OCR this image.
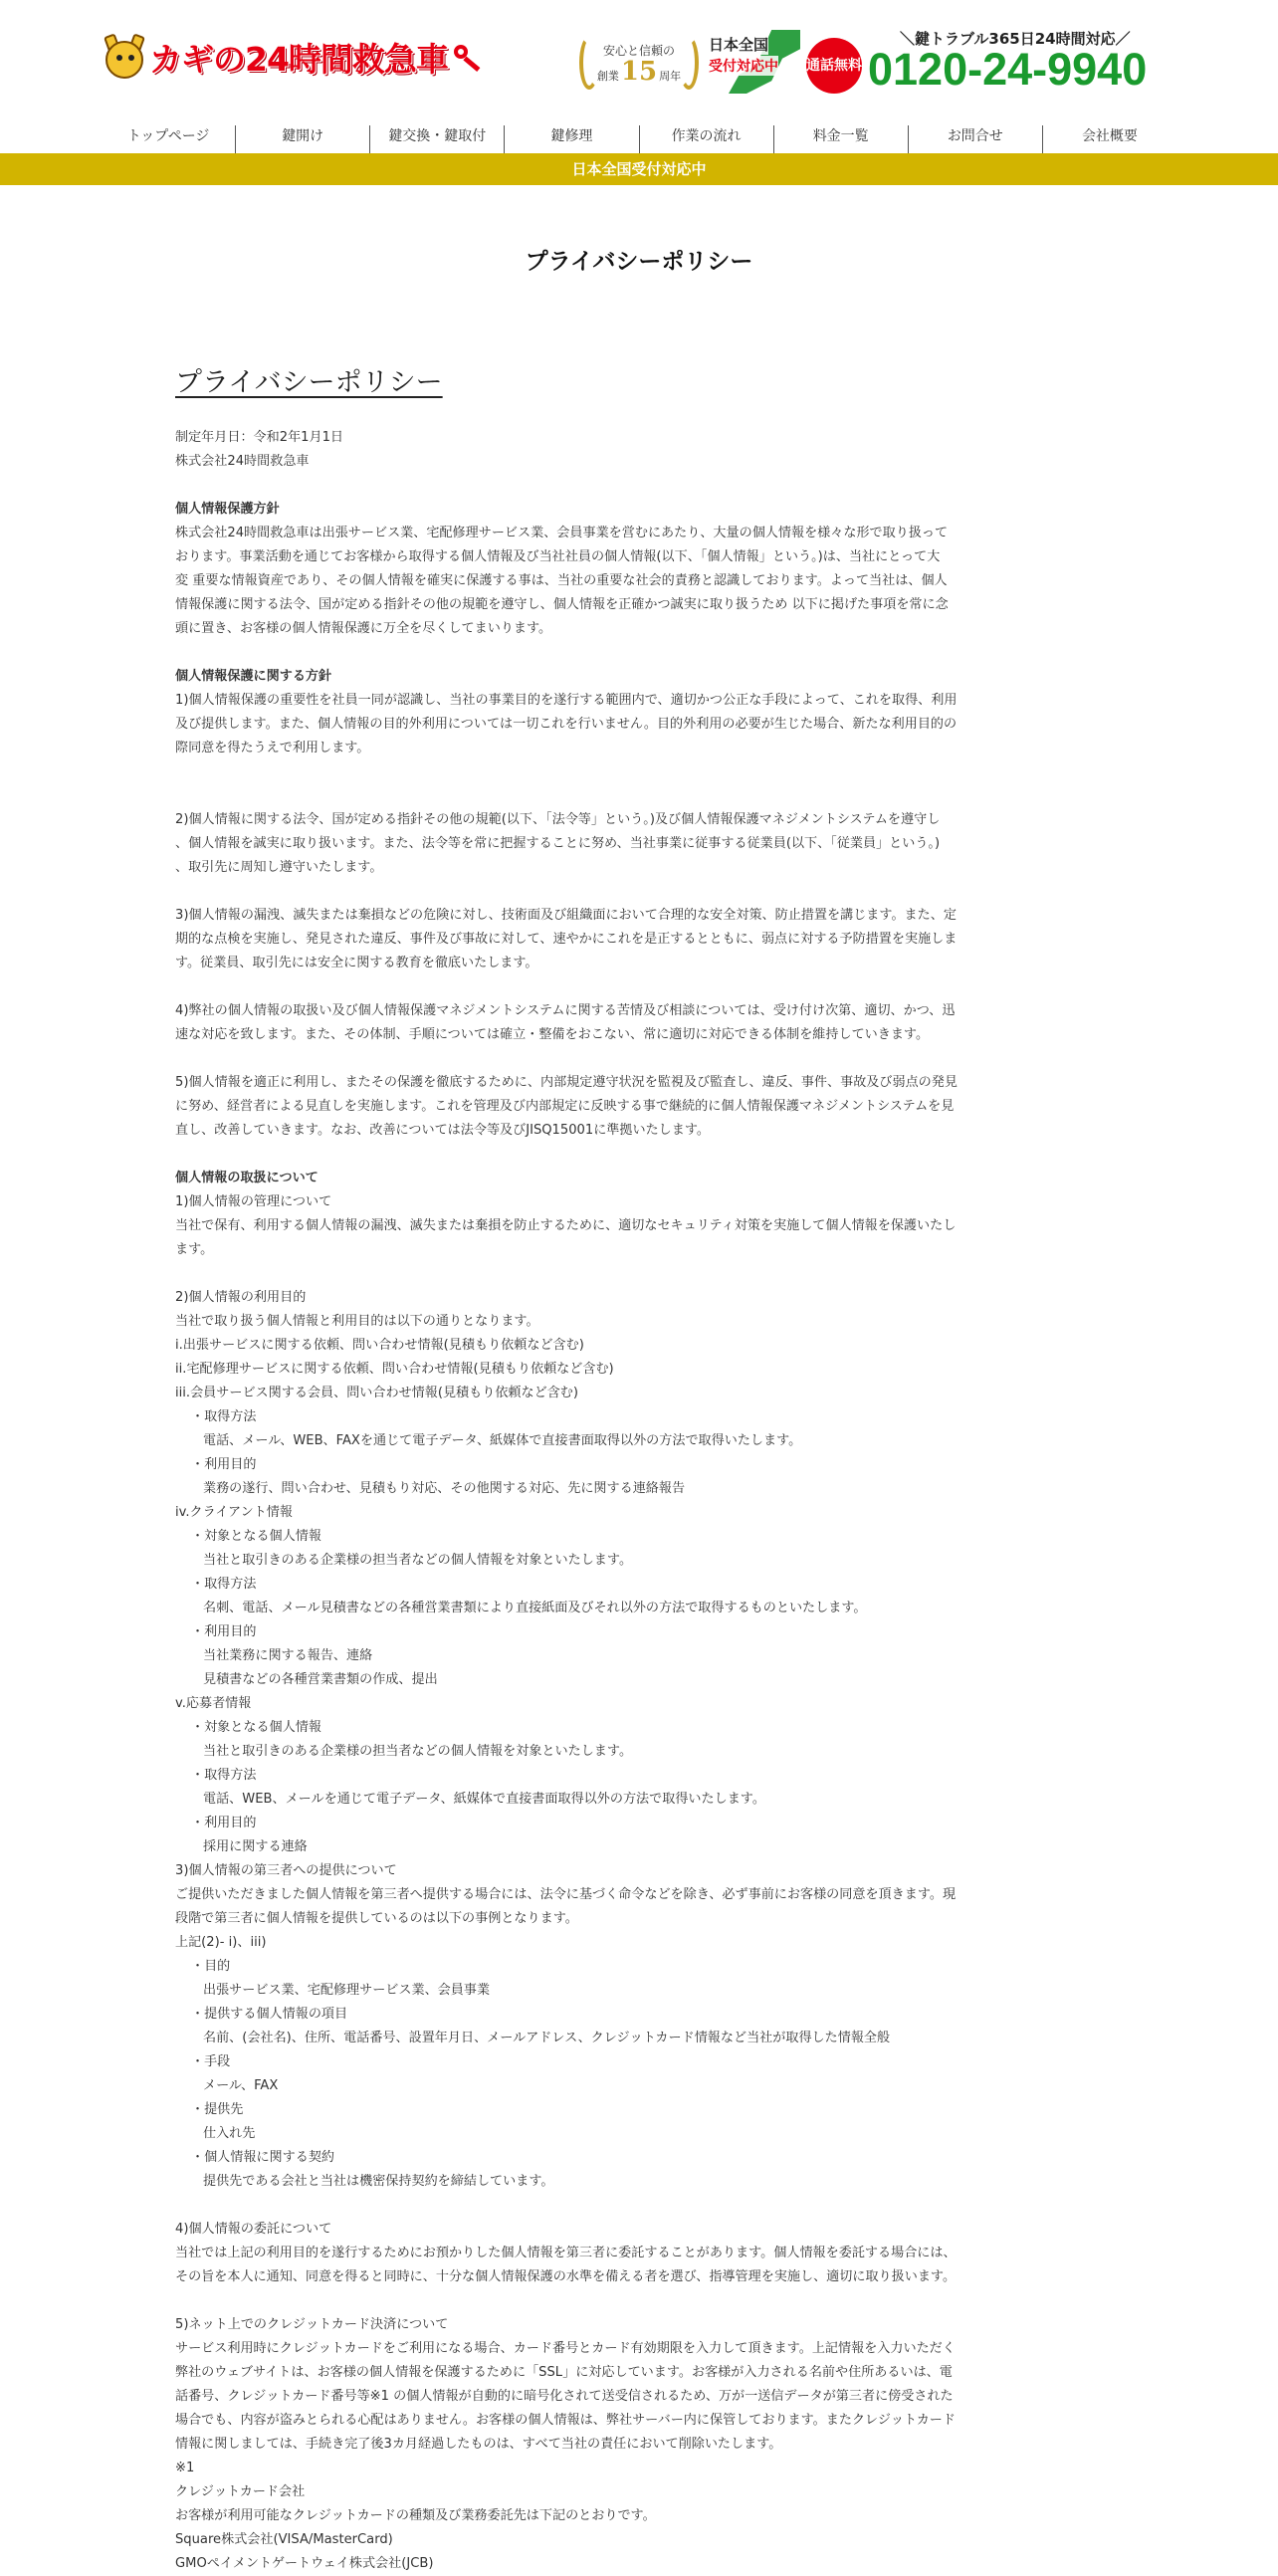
カギの24時間救急車	安心と信頼の
創業 15 周年
日本全国
受付対応中 通話無料
＼鍵トラブル365日24時間対応／
0120-24-9940
トップページ	鍵開け	鍵交換・鍵取付	鍵修理	作業の流れ	料金一覧	お問合せ	会社概要
日本全国受付対応中
プライバシーポリシー
プライバシーポリシー

制定年月日：令和2年1月1日

株式会社24時間救急車

個人情報保護方針

株式会社24時間救急車は出張サービス業、宅配修理サービス業、会員事業を営むにあたり、大量の個人情報を様々な形で取り扱って

おります。事業活動を通じてお客様から取得する個人情報及び当社社員の個人情報(以下、「個人情報」という。)は、当社にとって大

変 重要な情報資産であり、その個人情報を確実に保護する事は、当社の重要な社会的責務と認識しております。よって当社は、個人

情報保護に関する法令、国が定める指針その他の規範を遵守し、個人情報を正確かつ誠実に取り扱うため 以下に掲げた事項を常に念

頭に置き、お客様の個人情報保護に万全を尽くしてまいります。

個人情報保護に関する方針

1)個人情報保護の重要性を社員一同が認識し、当社の事業目的を遂行する範囲内で、適切かつ公正な手段によって、これを取得、利用

及び提供します。また、個人情報の目的外利用については一切これを行いません。目的外利用の必要が生じた場合、新たな利用目的の

際同意を得たうえで利用します。

2)個人情報に関する法令、国が定める指針その他の規範(以下、「法令等」という。)及び個人情報保護マネジメントシステムを遵守し

、個人情報を誠実に取り扱います。また、法令等を常に把握することに努め、当社事業に従事する従業員(以下、「従業員」という。)

、取引先に周知し遵守いたします。

3)個人情報の漏洩、滅失または棄損などの危険に対し、技術面及び組織面において合理的な安全対策、防止措置を講じます。また、定

期的な点検を実施し、発見された違反、事件及び事故に対して、速やかにこれを是正するとともに、弱点に対する予防措置を実施しま

す。従業員、取引先には安全に関する教育を徹底いたします。

4)弊社の個人情報の取扱い及び個人情報保護マネジメントシステムに関する苦情及び相談については、受け付け次第、適切、かつ、迅

速な対応を致します。また、その体制、手順については確立・整備をおこない、常に適切に対応できる体制を維持していきます。

5)個人情報を適正に利用し、またその保護を徹底するために、内部規定遵守状況を監視及び監査し、違反、事件、事故及び弱点の発見

に努め、経営者による見直しを実施します。これを管理及び内部規定に反映する事で継続的に個人情報保護マネジメントシステムを見

直し、改善していきます。なお、改善については法令等及びJISQ15001に準拠いたします。

個人情報の取扱について

1)個人情報の管理について

当社で保有、利用する個人情報の漏洩、滅失または棄損を防止するために、適切なセキュリティ対策を実施して個人情報を保護いたし

ます。

2)個人情報の利用目的

当社で取り扱う個人情報と利用目的は以下の通りとなります。

i.出張サービスに関する依頼、問い合わせ情報(見積もり依頼など含む)

ii.宅配修理サービスに関する依頼、問い合わせ情報(見積もり依頼など含む)

iii.会員サービス関する会員、問い合わせ情報(見積もり依頼など含む)

・取得方法

電話、メール、WEB、FAXを通じて電子データ、紙媒体で直接書面取得以外の方法で取得いたします。

・利用目的

業務の遂行、問い合わせ、見積もり対応、その他関する対応、先に関する連絡報告

iv.クライアント情報

・対象となる個人情報

当社と取引きのある企業様の担当者などの個人情報を対象といたします。

・取得方法

名刺、電話、メール見積書などの各種営業書類により直接紙面及びそれ以外の方法で取得するものといたします。

・利用目的

当社業務に関する報告、連絡

見積書などの各種営業書類の作成、提出

v.応募者情報

・対象となる個人情報

当社と取引きのある企業様の担当者などの個人情報を対象といたします。

・取得方法

電話、WEB、メールを通じて電子データ、紙媒体で直接書面取得以外の方法で取得いたします。

・利用目的

採用に関する連絡

3)個人情報の第三者への提供について

ご提供いただきました個人情報を第三者へ提供する場合には、法令に基づく命令などを除き、必ず事前にお客様の同意を頂きます。現

段階で第三者に個人情報を提供しているのは以下の事例となります。

上記(2)- i)、iii)

・目的

出張サービス業、宅配修理サービス業、会員事業

・提供する個人情報の項目

名前、(会社名)、住所、電話番号、設置年月日、メールアドレス、クレジットカード情報など当社が取得した情報全般

・手段

メール、FAX

・提供先

仕入れ先

・個人情報に関する契約

提供先である会社と当社は機密保持契約を締結しています。

4)個人情報の委託について

当社では上記の利用目的を遂行するためにお預かりした個人情報を第三者に委託することがあります。個人情報を委託する場合には、

その旨を本人に通知、同意を得ると同時に、十分な個人情報保護の水準を備える者を選び、指導管理を実施し、適切に取り扱います。

5)ネット上でのクレジットカード決済について

サービス利用時にクレジットカードをご利用になる場合、カード番号とカード有効期限を入力して頂きます。上記情報を入力いただく

弊社のウェブサイトは、お客様の個人情報を保護するために「SSL」に対応しています。お客様が入力される名前や住所あるいは、電

話番号、クレジットカード番号等※1 の個人情報が自動的に暗号化されて送受信されるため、万が一送信データが第三者に傍受された

場合でも、内容が盗みとられる心配はありません。お客様の個人情報は、弊社サーバー内に保管しております。またクレジットカード

情報に関しましては、手続き完了後3カ月経過したものは、すべて当社の責任において削除いたします。

※1

クレジットカード会社

お客様が利用可能なクレジットカードの種類及び業務委託先は下記のとおりです。

Square株式会社(VISA/MasterCard)

GMOペイメントゲートウェイ株式会社(JCB)
